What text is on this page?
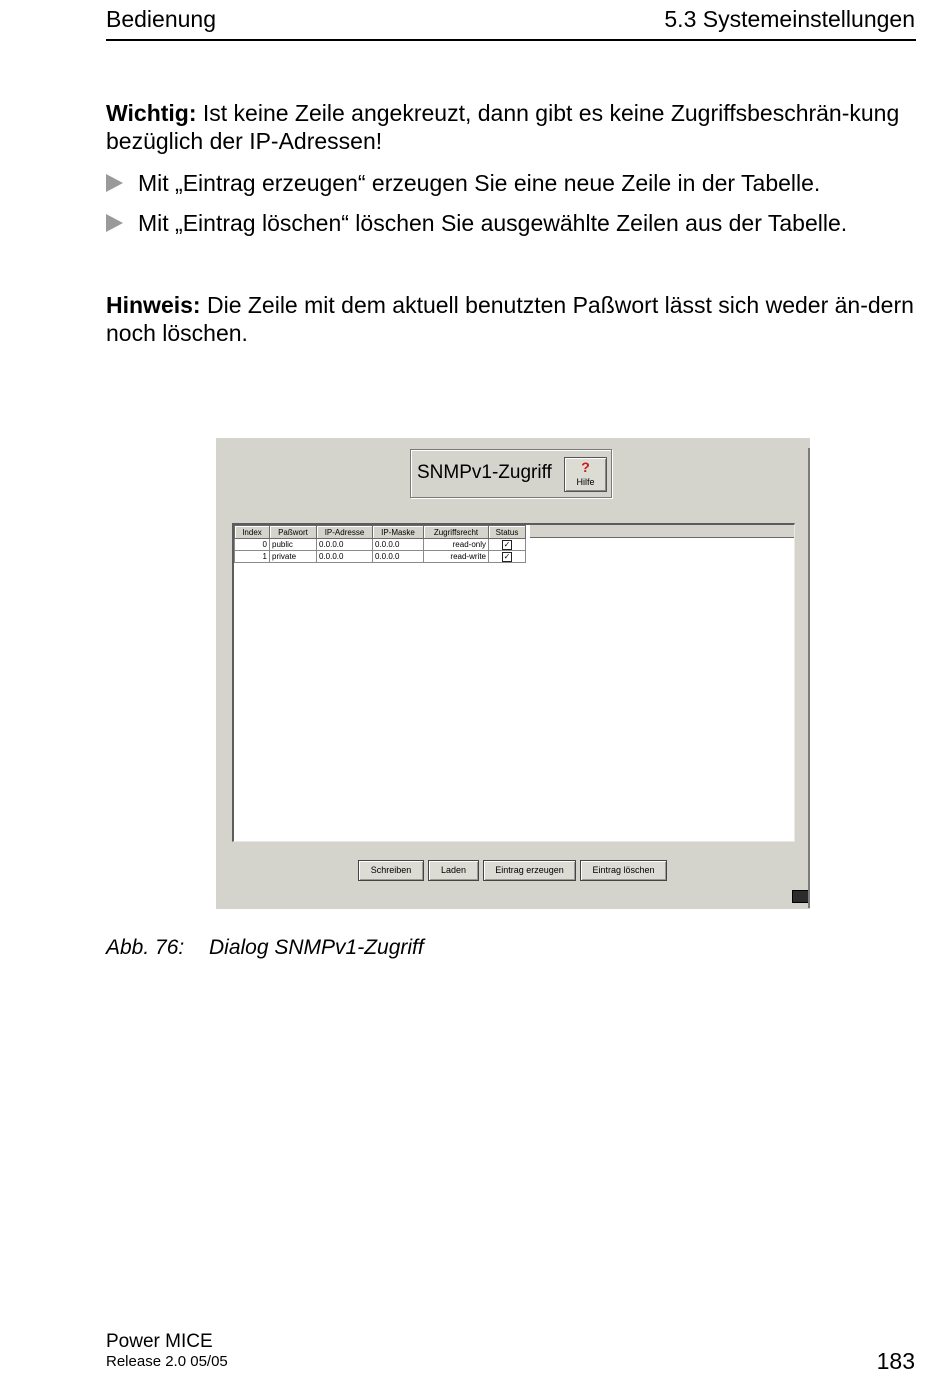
Bedienung	5.3 Systemeinstellungen
Wichtig: Ist keine Zeile angekreuzt, dann gibt es keine Zugriffsbeschrän-kung bezüglich der IP-Adressen!
Mit „Eintrag erzeugen“ erzeugen Sie eine neue Zeile in der Tabelle.
Mit „Eintrag löschen“ löschen Sie ausgewählte Zeilen aus der Tabelle.
Hinweis: Die Zeile mit dem aktuell benutzten Paßwort lässt sich weder än-dern noch löschen.
SNMPv1-Zugriff	?
Hilfe
Index	Paßwort	IP-Adresse	IP-Maske	Zugriffsrecht	Status
0	public	0.0.0.0	0.0.0.0	read-only	✓
1	private	0.0.0.0	0.0.0.0	read-write	✓
Schreiben	Laden	Eintrag erzeugen	Eintrag löschen
Abb. 76: Dialog SNMPv1-Zugriff
Power MICE
Release 2.0 05/05	183
